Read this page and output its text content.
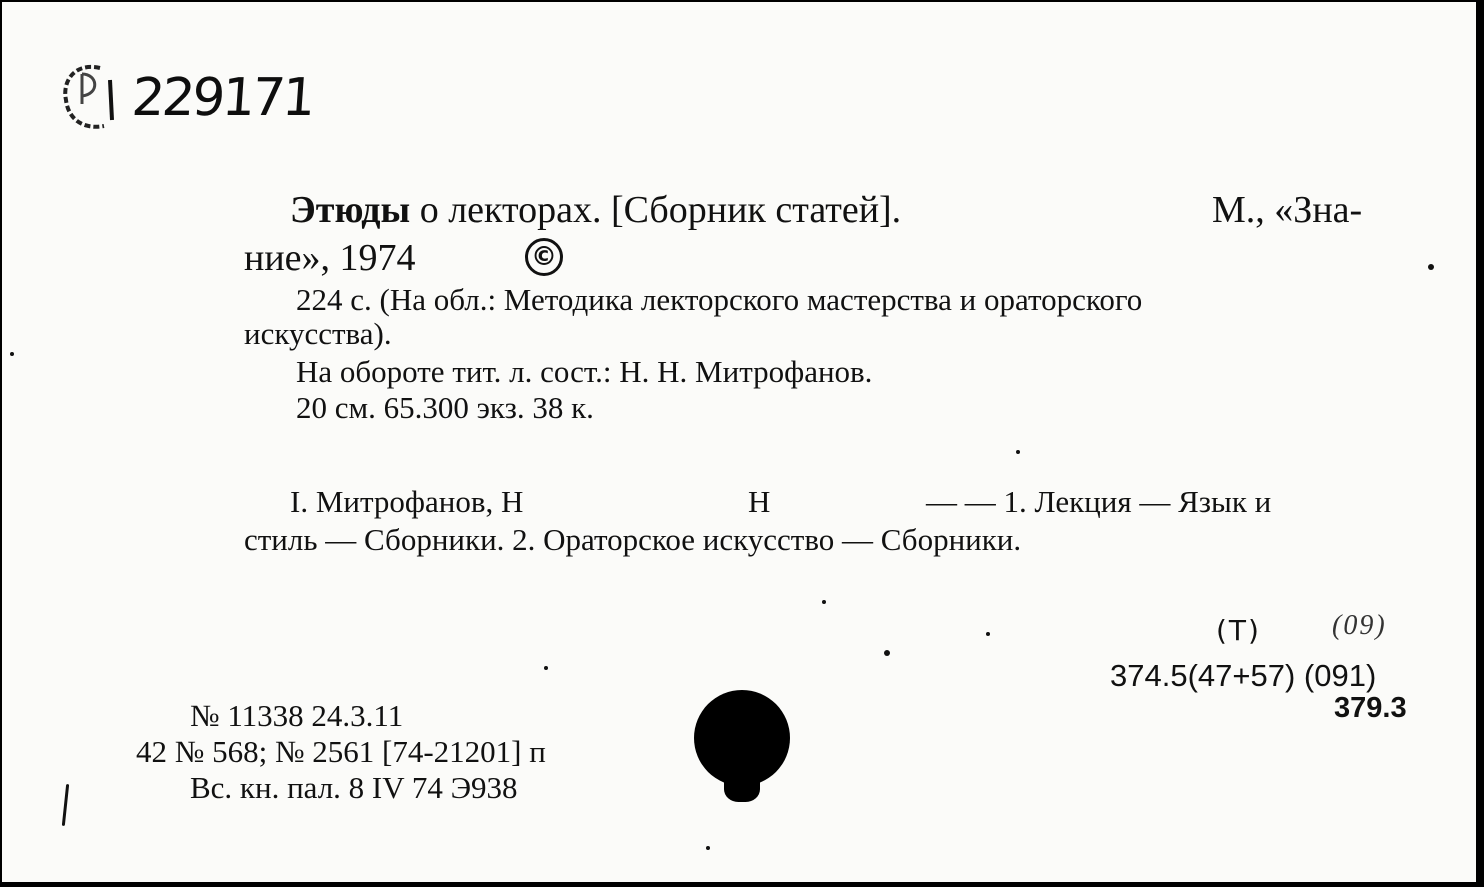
229171
Этюды о лекторах. [Сборник статей].	М., «Зна-
ние», 1974	©
224 с. (На обл.: Методика лекторского мастерства и ораторского
искусства).
На обороте тит. л. сост.: Н. Н. Митрофанов.
20 см. 65.300 экз. 38 к.
I. Митрофанов, Н	Н	— — 1. Лекция — Язык и
стиль — Сборники. 2. Ораторское искусство — Сборники.
(Т)	(09)
374.5(47+57) (091)
379.3
№ 11338 24.3.11
42 № 568; № 2561 [74-21201] п
Вс. кн. пал. 8 IV 74 Э938
